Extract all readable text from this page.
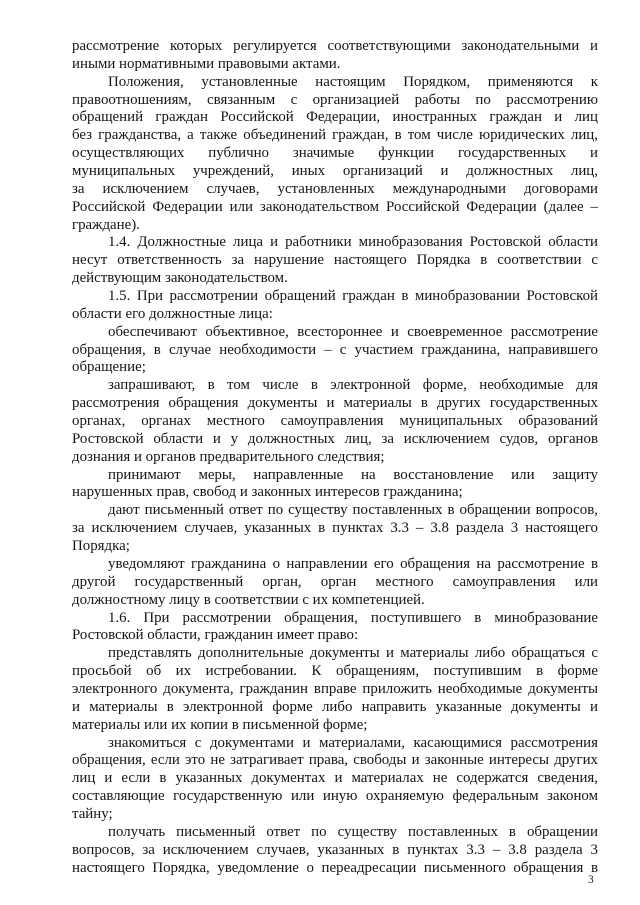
рассмотрение которых регулируется соответствующими законодательными и
иными нормативными правовыми актами.
Положения, установленные настоящим Порядком, применяются к
правоотношениям, связанным с организацией работы по рассмотрению
обращений граждан Российской Федерации, иностранных граждан и лиц
без гражданства, а также объединений граждан, в том числе юридических лиц,
осуществляющих публично значимые функции государственных и
муниципальных учреждений, иных организаций и должностных лиц,
за исключением случаев, установленных международными договорами
Российской Федерации или законодательством Российской Федерации (далее –
граждане).
1.4. Должностные лица и работники минобразования Ростовской области
несут ответственность за нарушение настоящего Порядка в соответствии с
действующим законодательством.
1.5. При рассмотрении обращений граждан в минобразовании Ростовской
области его должностные лица:
обеспечивают объективное, всестороннее и своевременное рассмотрение
обращения, в случае необходимости – с участием гражданина, направившего
обращение;
запрашивают, в том числе в электронной форме, необходимые для
рассмотрения обращения документы и материалы в других государственных
органах, органах местного самоуправления муниципальных образований
Ростовской области и у должностных лиц, за исключением судов, органов
дознания и органов предварительного следствия;
принимают меры, направленные на восстановление или защиту
нарушенных прав, свобод и законных интересов гражданина;
дают письменный ответ по существу поставленных в обращении вопросов,
за исключением случаев, указанных в пунктах 3.3 – 3.8 раздела 3 настоящего
Порядка;
уведомляют гражданина о направлении его обращения на рассмотрение в
другой государственный орган, орган местного самоуправления или
должностному лицу в соответствии с их компетенцией.
1.6. При рассмотрении обращения, поступившего в минобразование
Ростовской области, гражданин имеет право:
представлять дополнительные документы и материалы либо обращаться с
просьбой об их истребовании. К обращениям, поступившим в форме
электронного документа, гражданин вправе приложить необходимые документы
и материалы в электронной форме либо направить указанные документы и
материалы или их копии в письменной форме;
знакомиться с документами и материалами, касающимися рассмотрения
обращения, если это не затрагивает права, свободы и законные интересы других
лиц и если в указанных документах и материалах не содержатся сведения,
составляющие государственную или иную охраняемую федеральным законом
тайну;
получать письменный ответ по существу поставленных в обращении
вопросов, за исключением случаев, указанных в пунктах 3.3 – 3.8 раздела 3
настоящего Порядка, уведомление о переадресации письменного обращения в
3
